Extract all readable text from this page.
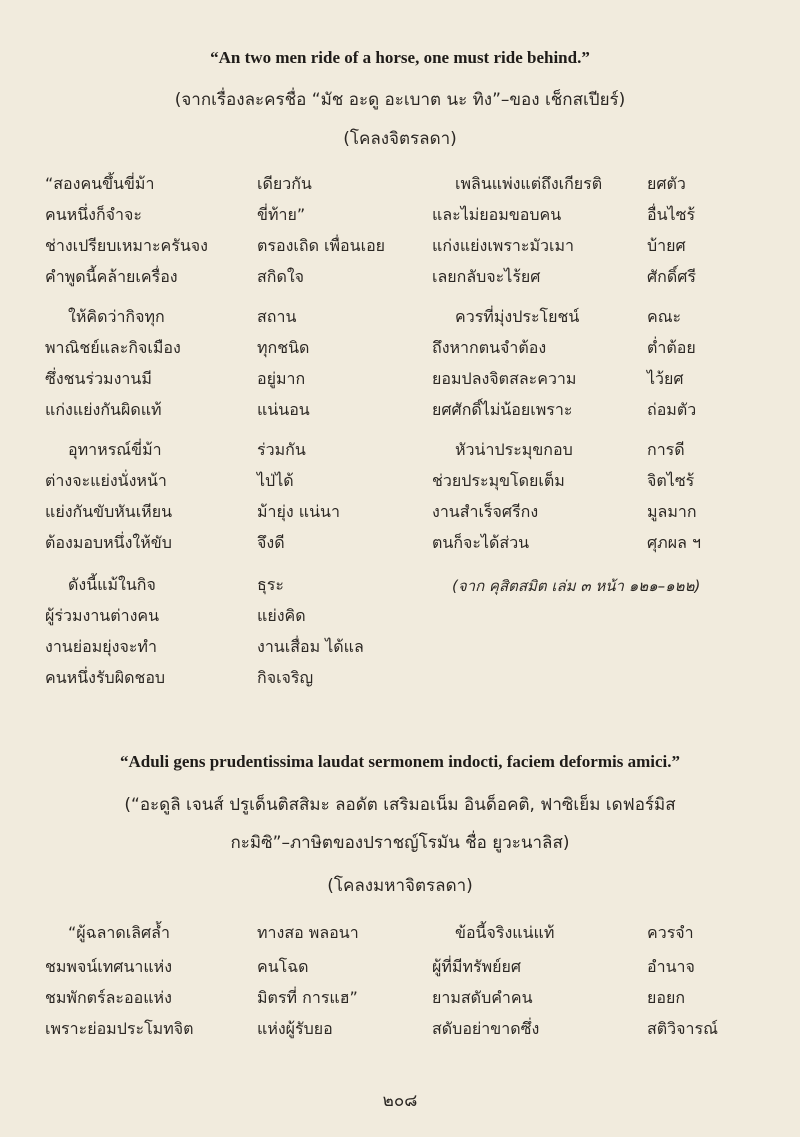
“An two men ride of a horse, one must ride behind.”
(จากเรื่องละครชื่อ “มัช อะดู อะเบาต นะ ทิง”–ของ เช็กสเปียร์)
(โคลงจิตรลดา)
“สองคนขึ้นขี่ม้า	เดียวกัน	เพลินแพ่งแต่ถึงเกียรติ	ยศตัว
คนหนึ่งก็จำจะ	ขี่ท้าย”	และไม่ยอมขอบคน	อื่นไซร้
ช่างเปรียบเหมาะครันจง	ตรองเถิด เพื่อนเอย	แก่งแย่งเพราะมัวเมา	บ้ายศ
คำพูดนี้คล้ายเครื่อง	สกิดใจ	เลยกลับจะไร้ยศ	ศักดิ์ศรี
ให้คิดว่ากิจทุก	สถาน	ควรที่มุ่งประโยชน์	คณะ
พาณิชย์และกิจเมือง	ทุกชนิด	ถึงหากตนจำต้อง	ต่ำต้อย
ซึ่งชนร่วมงานมี	อยู่มาก	ยอมปลงจิตสละความ	ไว้ยศ
แก่งแย่งกันผิดแท้	แน่นอน	ยศศักดิ์ไม่น้อยเพราะ	ถ่อมตัว
อุทาหรณ์ขี่ม้า	ร่วมกัน	หัวน่าประมุขกอบ	การดี
ต่างจะแย่งนั่งหน้า	ไป่ได้	ช่วยประมุขโดยเต็ม	จิตไซร้
แย่งกันขับหันเหียน	ม้ายุ่ง แน่นา	งานสำเร็จศรีกง	มูลมาก
ต้องมอบหนึ่งให้ขับ	จึงดี	ตนก็จะได้ส่วน	ศุภผล ฯ
ดังนี้แม้ในกิจ	ธุระ
ผู้ร่วมงานต่างคน	แย่งคิด
งานย่อมยุ่งจะทำ	งานเสื่อม ได้แล
คนหนึ่งรับผิดชอบ	กิจเจริญ
(จาก คุสิตสมิต เล่ม ๓ หน้า ๑๒๑–๑๒๒)
“Aduli gens prudentissima laudat sermonem indocti, faciem deformis amici.”
(“อะดูลิ เจนส์ ปรูเด็นติสสิมะ ลอดัต เสริมอเน็ม อินด็อคติ, ฟาซิเย็ม เดฟอร์มิส
กะมิซิ”–ภาษิตของปราชญ์โรมัน ชื่อ ยูวะนาลิส)
(โคลงมหาจิตรลดา)
“ผู้ฉลาดเลิศล้ำ	ทางสอ พลอนา	ข้อนี้จริงแน่แท้	ควรจำ
ชมพจน์เทศนาแห่ง	คนโฉด	ผู้ที่มีทรัพย์ยศ	อำนาจ
ชมพักตร์ละออแห่ง	มิตรที่ การแฮ”	ยามสดับคำคน	ยอยก
เพราะย่อมประโมทจิต	แห่งผู้รับยอ	สดับอย่าขาดซึ่ง	สติวิจารณ์
๒๐๘
